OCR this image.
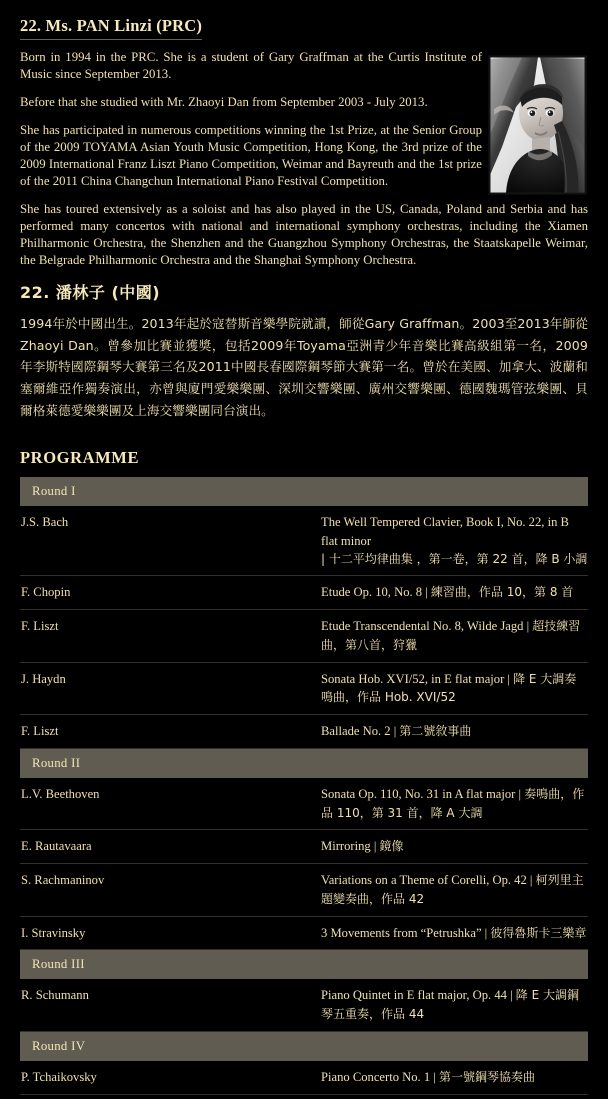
22. Ms. PAN Linzi (PRC)

Born in 1994 in the PRC. She is a student of Gary Graffman at the Curtis Institute of Music since September 2013.

Before that she studied with Mr. Zhaoyi Dan from September 2003 - July 2013.

She has participated in numerous competitions winning the 1st Prize, at the Senior Group of the 2009 TOYAMA Asian Youth Music Competition, Hong Kong, the 3rd prize of the 2009 International Franz Liszt Piano Competition, Weimar and Bayreuth and the 1st prize of the 2011 China Changchun International Piano Festival Competition.

She has toured extensively as a soloist and has also played in the US, Canada, Poland and Serbia and has performed many concertos with national and international symphony orchestras, including the Xiamen Philharmonic Orchestra, the Shenzhen and the Guangzhou Symphony Orchestras, the Staatskapelle Weimar, the Belgrade Philharmonic Orchestra and the Shanghai Symphony Orchestra.

22. 潘林子 (中國)

1994年於中國出生。2013年起於寇替斯音樂學院就讀，師從Gary Graffman。2003至2013年師從Zhaoyi Dan。曾參加比賽並獲獎，包括2009年Toyama亞洲青少年音樂比賽高級組第一名，2009年李斯特國際鋼琴大賽第三名及2011中國長春國際鋼琴節大賽第一名。曾於在美國、加拿大、波蘭和塞爾維亞作獨奏演出，亦曾與廈門愛樂樂團、深圳交響樂團、廣州交響樂團、德國魏瑪管弦樂團、貝爾格萊德愛樂樂團及上海交響樂團同台演出。

PROGRAMME
Round I	
J.S. Bach	The Well Tempered Clavier, Book I, No. 22, in B flat minor
| 十二平均律曲集 ，第一卷，第 22 首，降 B 小調

F. Chopin	Etude Op. 10, No. 8 | 練習曲，作品 10，第 8 首
F. Liszt	Etude Transcendental No. 8, Wilde Jagd | 超技練習曲，第八首，狩獵
J. Haydn	Sonata Hob. XVI/52, in E flat major | 降 E 大調奏鳴曲，作品 Hob. XVI/52
F. Liszt	Ballade No. 2 | 第二號敘事曲
Round II	
L.V. Beethoven	Sonata Op. 110, No. 31 in A flat major | 奏鳴曲，作品 110，第 31 首，降 A 大調
E. Rautavaara	Mirroring | 鏡像
S. Rachmaninov	Variations on a Theme of Corelli, Op. 42 | 柯列里主題變奏曲，作品 42
I. Stravinsky	3 Movements from “Petrushka” | 彼得魯斯卡三樂章
Round III	
R. Schumann	Piano Quintet in E flat major, Op. 44 | 降 E 大調鋼琴五重奏，作品 44
Round IV	
P. Tchaikovsky	Piano Concerto No. 1 | 第一號鋼琴協奏曲
